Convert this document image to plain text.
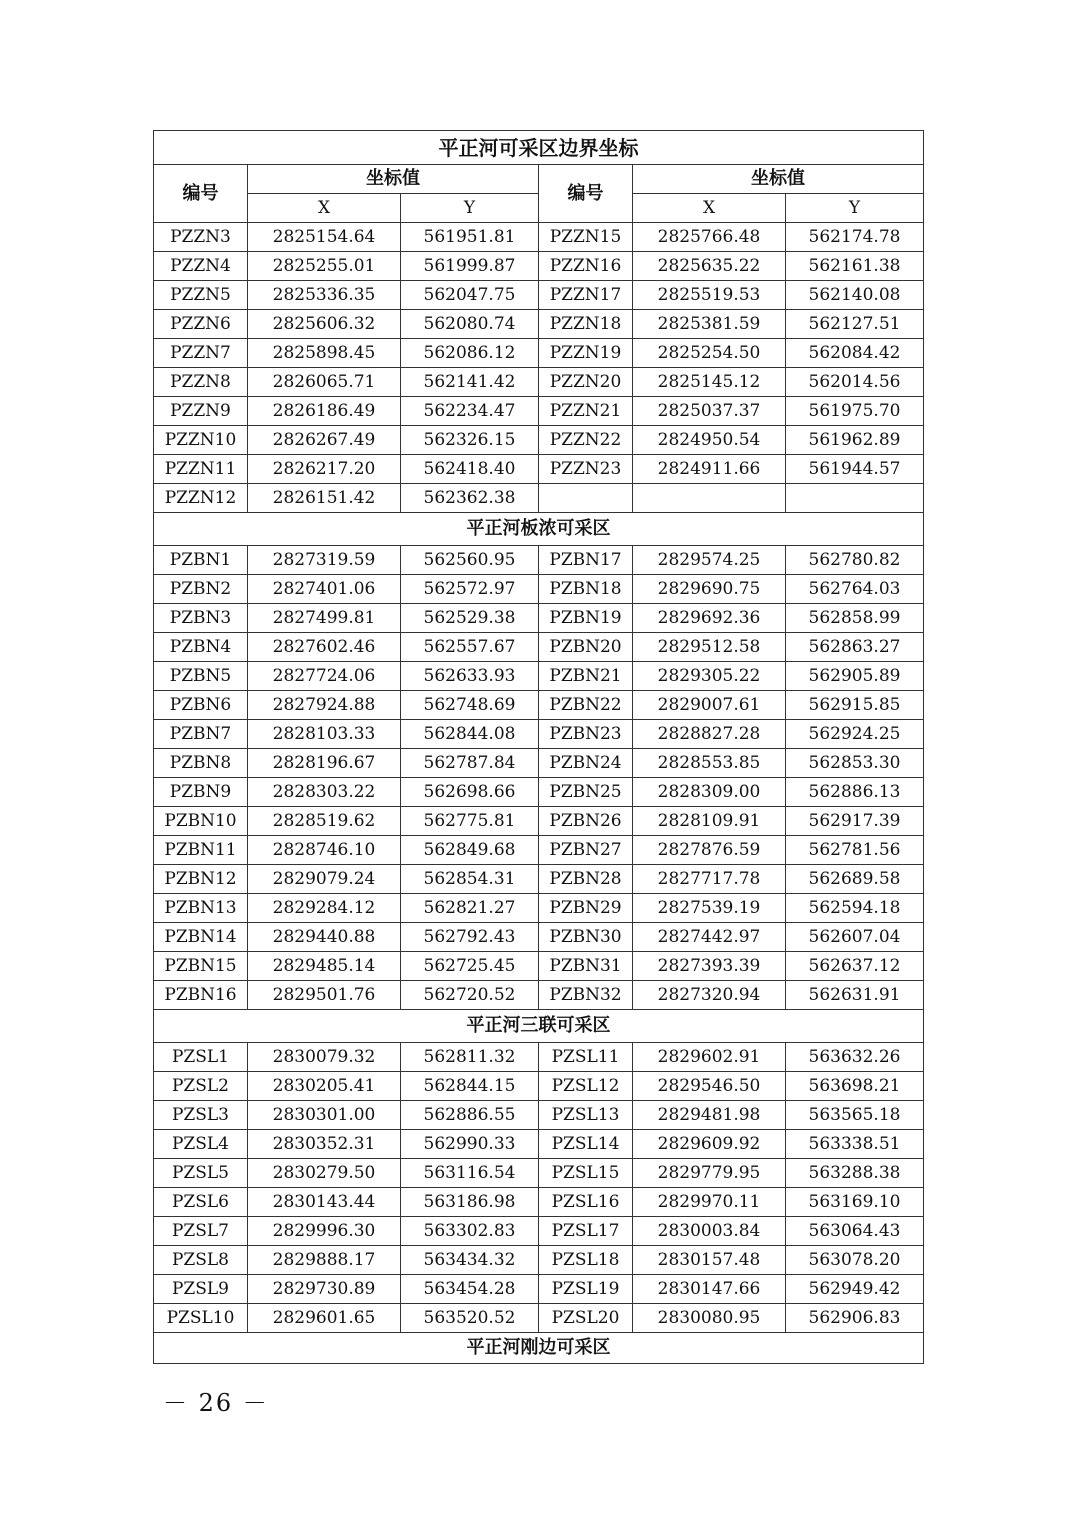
平正河可采区边界坐标					
编号	坐标值		编号	坐标值	
	X	Y		X	Y
PZZN3	2825154.64	561951.81	PZZN15	2825766.48	562174.78
PZZN4	2825255.01	561999.87	PZZN16	2825635.22	562161.38
PZZN5	2825336.35	562047.75	PZZN17	2825519.53	562140.08
PZZN6	2825606.32	562080.74	PZZN18	2825381.59	562127.51
PZZN7	2825898.45	562086.12	PZZN19	2825254.50	562084.42
PZZN8	2826065.71	562141.42	PZZN20	2825145.12	562014.56
PZZN9	2826186.49	562234.47	PZZN21	2825037.37	561975.70
PZZN10	2826267.49	562326.15	PZZN22	2824950.54	561962.89
PZZN11	2826217.20	562418.40	PZZN23	2824911.66	561944.57
PZZN12	2826151.42	562362.38			
平正河板浓可采区					
PZBN1	2827319.59	562560.95	PZBN17	2829574.25	562780.82
PZBN2	2827401.06	562572.97	PZBN18	2829690.75	562764.03
PZBN3	2827499.81	562529.38	PZBN19	2829692.36	562858.99
PZBN4	2827602.46	562557.67	PZBN20	2829512.58	562863.27
PZBN5	2827724.06	562633.93	PZBN21	2829305.22	562905.89
PZBN6	2827924.88	562748.69	PZBN22	2829007.61	562915.85
PZBN7	2828103.33	562844.08	PZBN23	2828827.28	562924.25
PZBN8	2828196.67	562787.84	PZBN24	2828553.85	562853.30
PZBN9	2828303.22	562698.66	PZBN25	2828309.00	562886.13
PZBN10	2828519.62	562775.81	PZBN26	2828109.91	562917.39
PZBN11	2828746.10	562849.68	PZBN27	2827876.59	562781.56
PZBN12	2829079.24	562854.31	PZBN28	2827717.78	562689.58
PZBN13	2829284.12	562821.27	PZBN29	2827539.19	562594.18
PZBN14	2829440.88	562792.43	PZBN30	2827442.97	562607.04
PZBN15	2829485.14	562725.45	PZBN31	2827393.39	562637.12
PZBN16	2829501.76	562720.52	PZBN32	2827320.94	562631.91
平正河三联可采区					
PZSL1	2830079.32	562811.32	PZSL11	2829602.91	563632.26
PZSL2	2830205.41	562844.15	PZSL12	2829546.50	563698.21
PZSL3	2830301.00	562886.55	PZSL13	2829481.98	563565.18
PZSL4	2830352.31	562990.33	PZSL14	2829609.92	563338.51
PZSL5	2830279.50	563116.54	PZSL15	2829779.95	563288.38
PZSL6	2830143.44	563186.98	PZSL16	2829970.11	563169.10
PZSL7	2829996.30	563302.83	PZSL17	2830003.84	563064.43
PZSL8	2829888.17	563434.32	PZSL18	2830157.48	563078.20
PZSL9	2829730.89	563454.28	PZSL19	2830147.66	562949.42
PZSL10	2829601.65	563520.52	PZSL20	2830080.95	562906.83
平正河刚边可采区					
－ 26 －
